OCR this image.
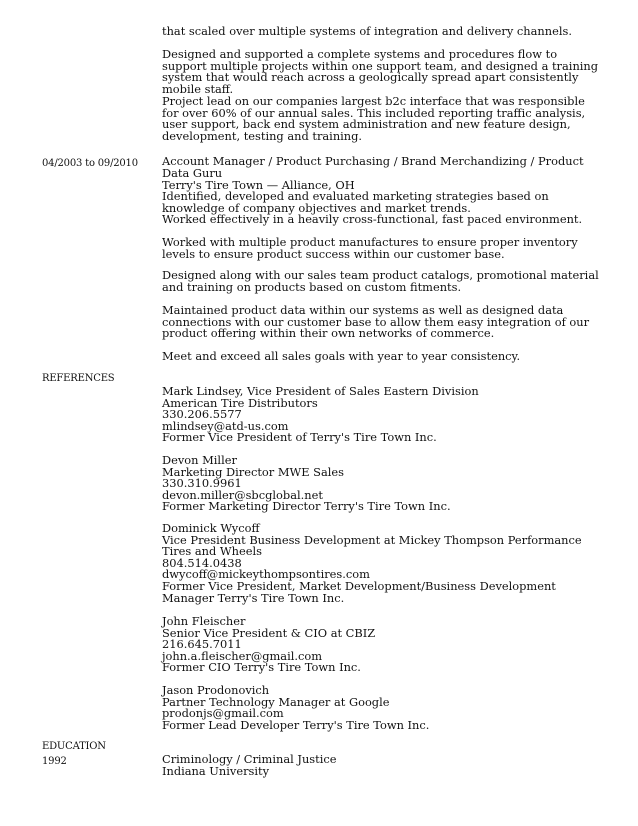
that scaled over multiple systems of integration and delivery channels.

Designed and supported a complete systems and procedures flow to support multiple projects within one support team, and designed a training system that would reach across a geologically spread apart consistently mobile staff.

Project lead on our companies largest b2c interface that was responsible for over 60% of our annual sales. This included reporting traffic analysis, user support, back end system administration and new feature design, development, testing and training.

04/2003 to 09/2010 Account Manager / Product Purchasing / Brand Merchandizing / Product Data Guru

Terry's Tire Town — Alliance, OH

Identified, developed and evaluated marketing strategies based on knowledge of company objectives and market trends.

Worked effectively in a heavily cross-functional, fast paced environment.

Worked with multiple product manufactures to ensure proper inventory levels to ensure product success within our customer base.

Designed along with our sales team product catalogs, promotional material and training on products based on custom fitments.

Maintained product data within our systems as well as designed data connections with our customer base to allow them easy integration of our product offering within their own networks of commerce.

Meet and exceed all sales goals with year to year consistency.

REFERENCES

Mark Lindsey, Vice President of Sales Eastern Division

American Tire Distributors

330.206.5577

mlindsey@atd-us.com

Former Vice President of Terry's Tire Town Inc.

Devon Miller

Marketing Director MWE Sales

330.310.9961

devon.miller@sbcglobal.net

Former Marketing Director Terry's Tire Town Inc.

Dominick Wycoff

Vice President Business Development at Mickey Thompson Performance Tires and Wheels

804.514.0438

dwycoff@mickeythompsontires.com

Former Vice President, Market Development/Business Development Manager Terry's Tire Town Inc.

John Fleischer

Senior Vice President & CIO at CBIZ

216.645.7011

john.a.fleischer@gmail.com

Former CIO Terry's Tire Town Inc.

Jason Prodonovich

Partner Technology Manager at Google

prodonjs@gmail.com

Former Lead Developer Terry's Tire Town Inc.

EDUCATION
1992	Criminology / Criminal Justice

Indiana University
